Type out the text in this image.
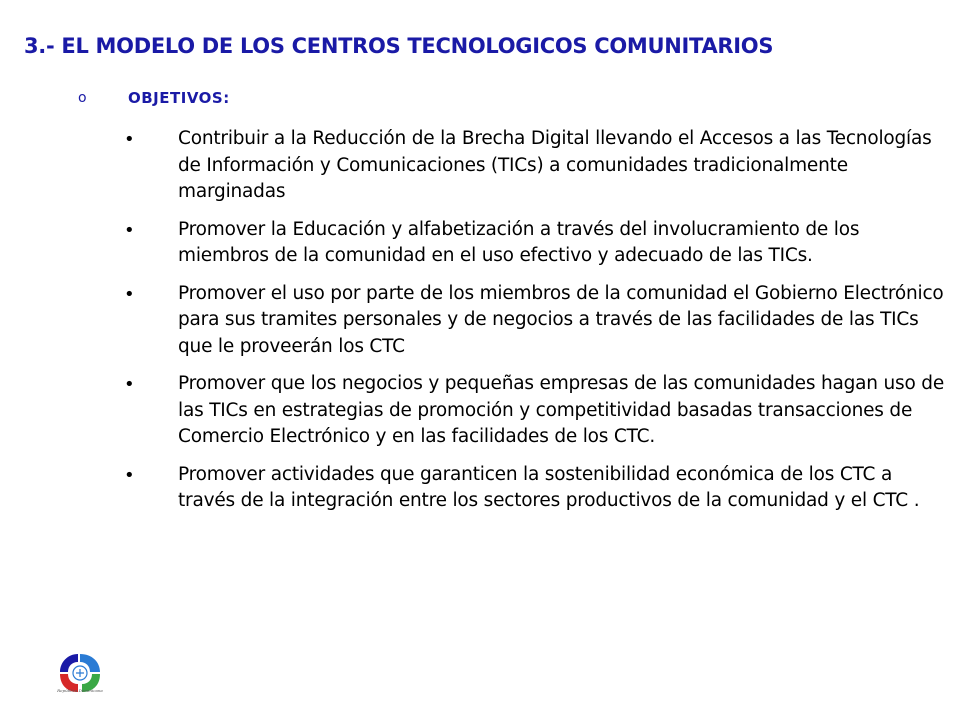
3.- EL MODELO DE LOS CENTROS TECNOLOGICOS COMUNITARIOS
o	OBJETIVOS:
•	Contribuir a la Reducción de la Brecha Digital llevando el Accesos a las Tecnologías de Información y Comunicaciones (TICs) a comunidades tradicionalmente marginadas
•	Promover la Educación y alfabetización a través del involucramiento de los miembros de la comunidad en el uso efectivo y adecuado de las TICs.
•	Promover el uso por parte de los miembros de la comunidad el Gobierno Electrónico para sus tramites personales y de negocios a través de las facilidades de las TICs que le proveerán los CTC
•	Promover que los negocios y pequeñas empresas de las comunidades hagan uso de las TICs en estrategias de promoción y competitividad basadas transacciones de Comercio Electrónico y en las facilidades de los CTC.
•	Promover actividades que garanticen la sostenibilidad económica de los CTC a través de la integración entre los sectores productivos de la comunidad y el CTC .
República Dominicana
